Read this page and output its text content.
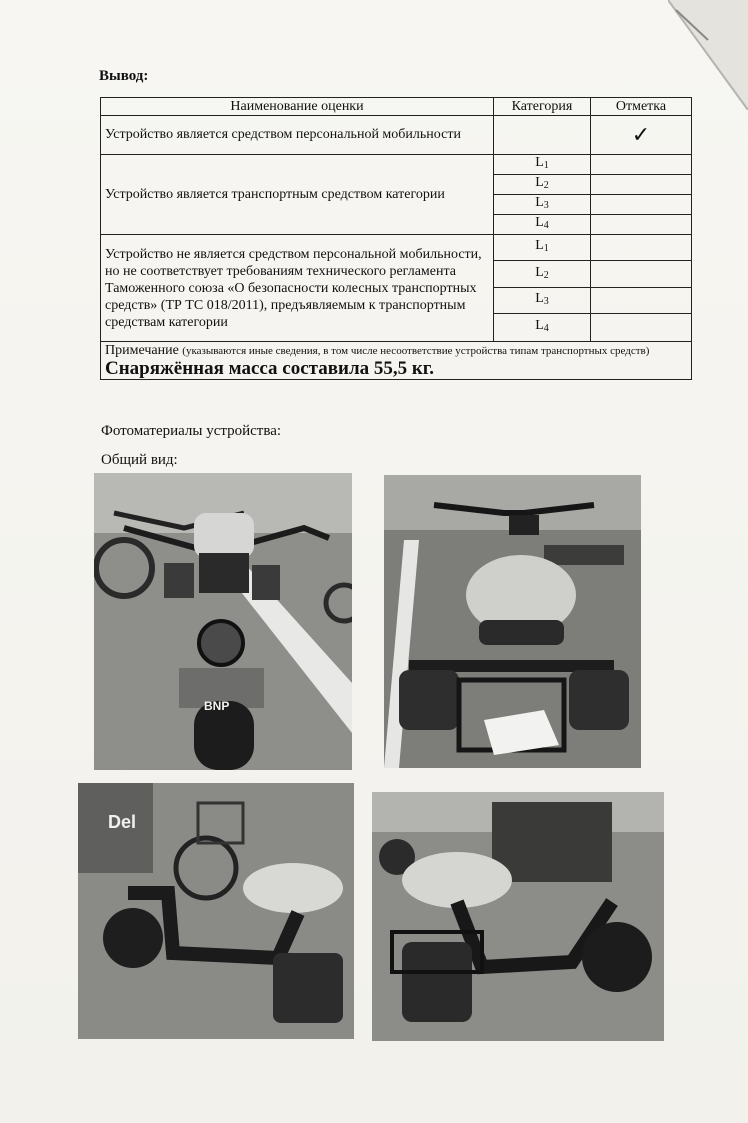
Вывод:
Наименование оценки	Категория	Отметка
Устройство является средством персональной мобильности		✓
Устройство является транспортным средством категории	$L_1$	
	$L_2$	
	$L_3$	
	$L_4$	
Устройство не является средством персональной мобильности, но не соответствует требованиям технического регламента Таможенного союза «О безопасности колесных транспортных средств» (ТР ТС 018/2011), предъявляемым к транспортным средствам категории	$L_1$	
	$L_2$	
	$L_3$	
	$L_4$	
Примечание (указываются иные сведения, в том числе несоответствие устройства типам транспортных средств) Снаряжённая масса составила 55,5 кг.		
Фотоматериалы устройства:
Общий вид:
BNP
Del
